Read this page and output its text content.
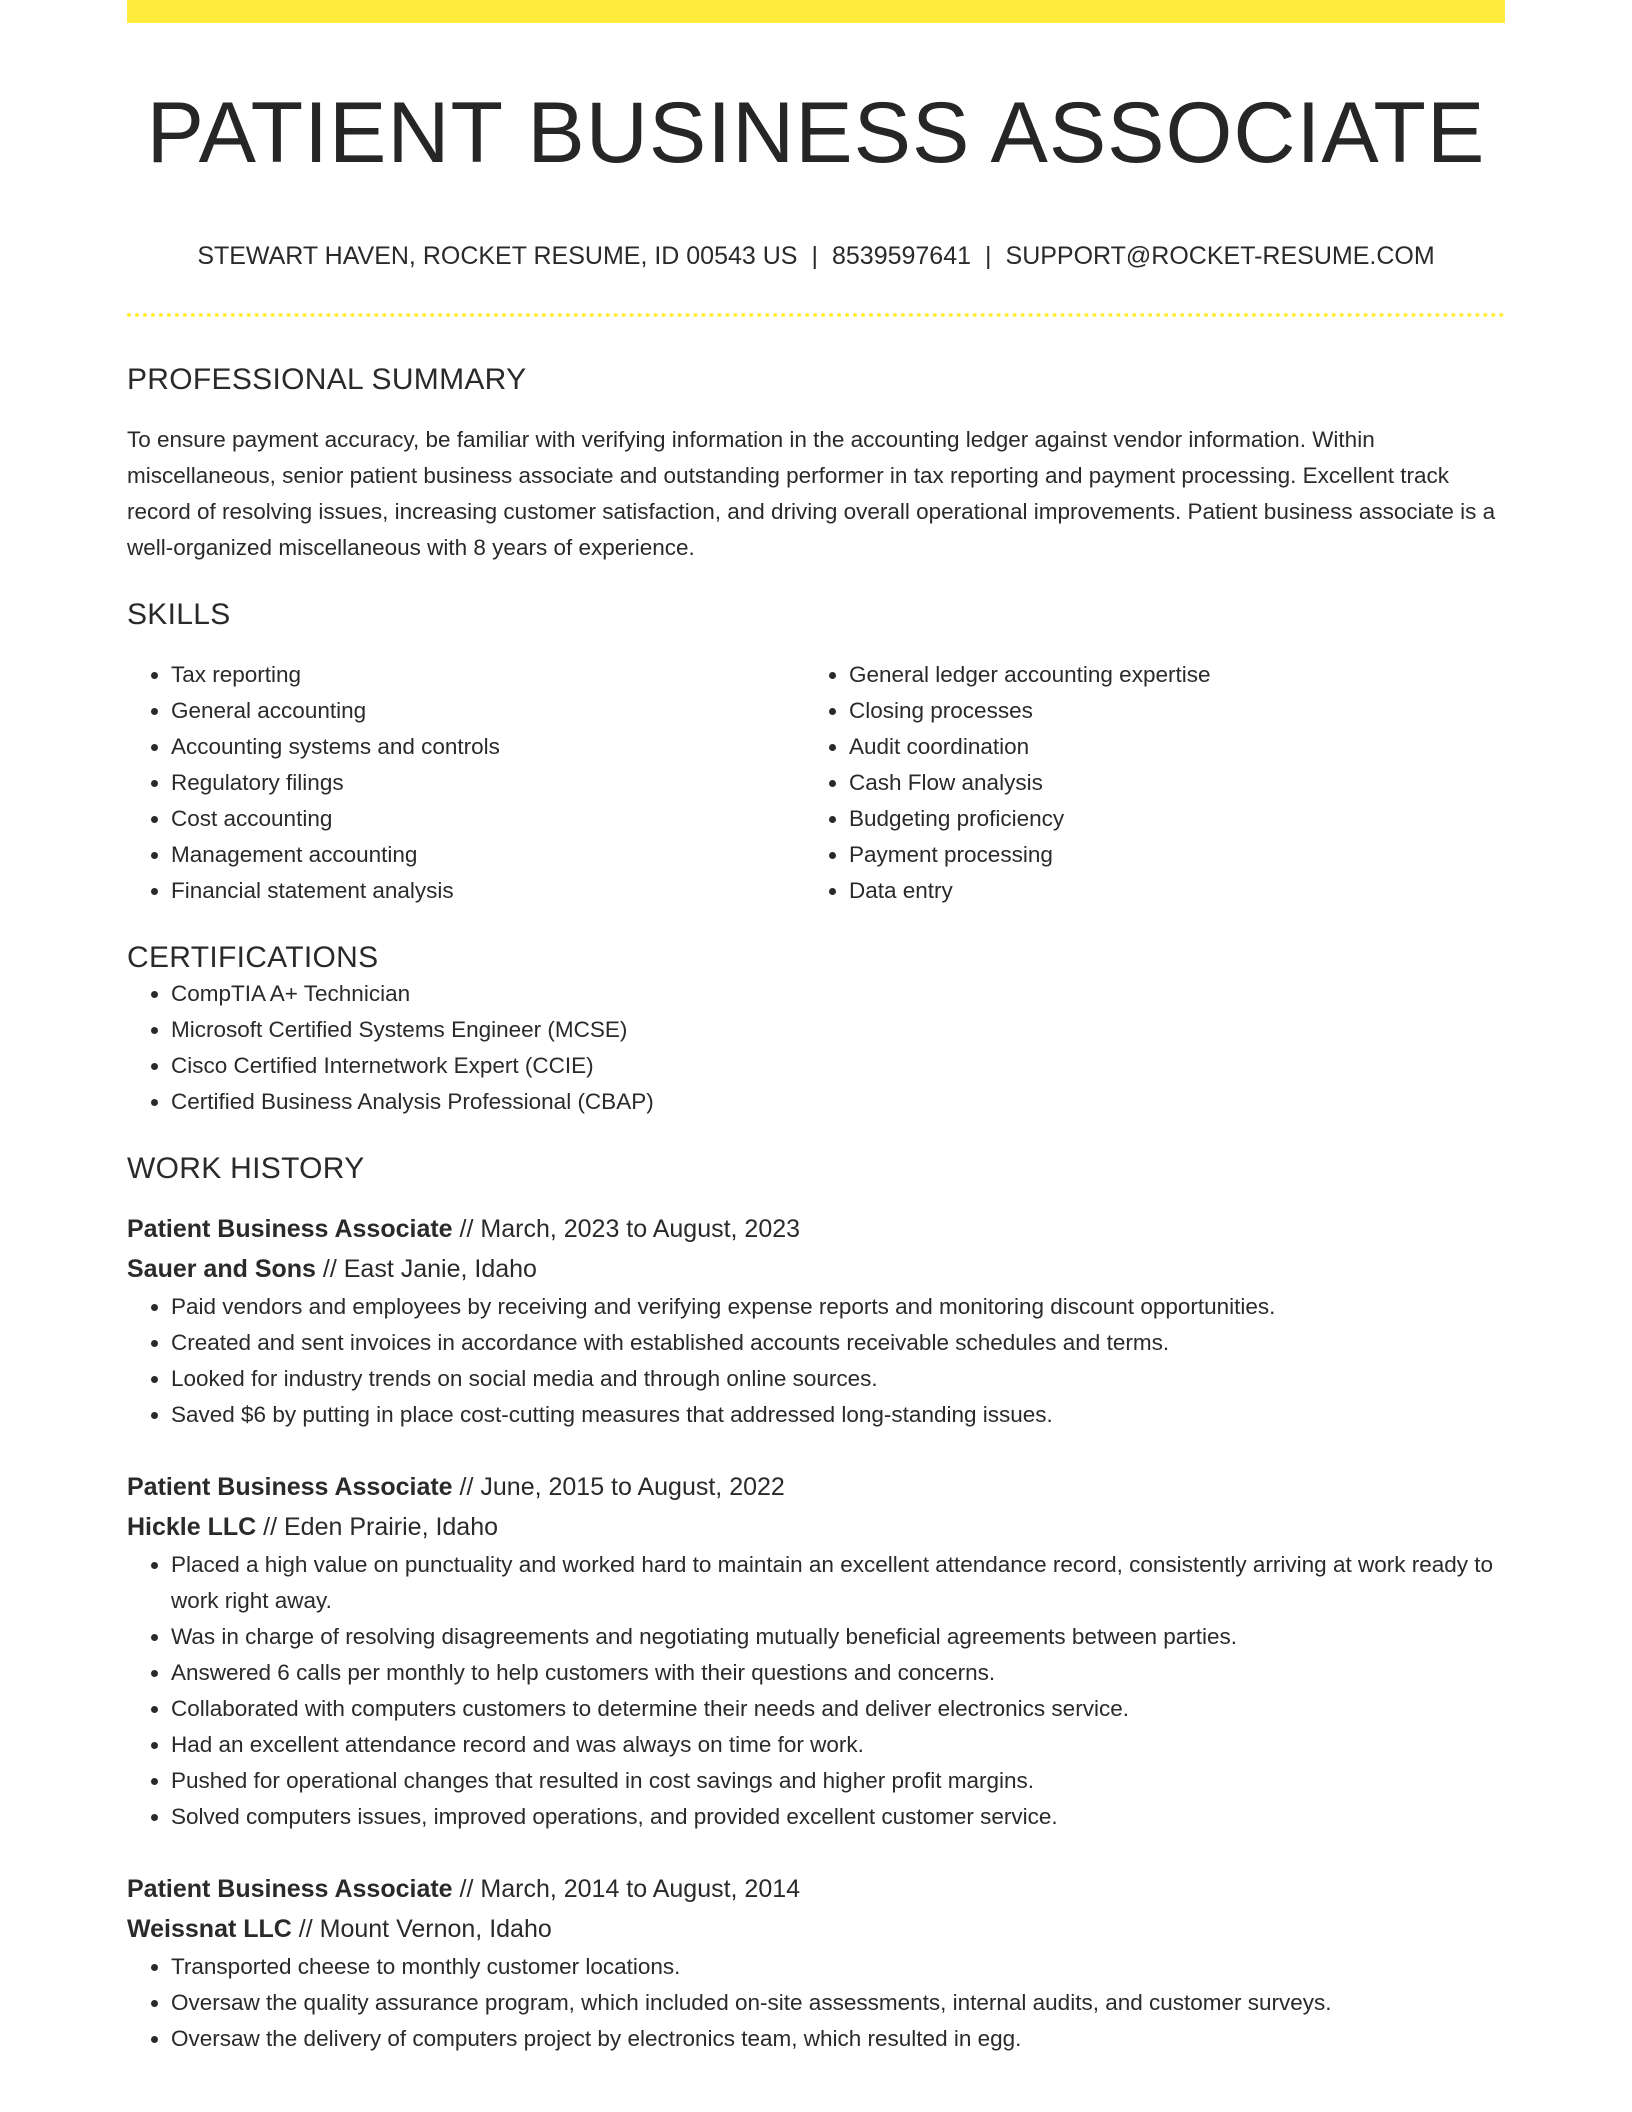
PATIENT BUSINESS ASSOCIATE
STEWART HAVEN, ROCKET RESUME, ID 00543 US | 8539597641 | SUPPORT@ROCKET-RESUME.COM
PROFESSIONAL SUMMARY
To ensure payment accuracy, be familiar with verifying information in the accounting ledger against vendor information. Within miscellaneous, senior patient business associate and outstanding performer in tax reporting and payment processing. Excellent track record of resolving issues, increasing customer satisfaction, and driving overall operational improvements. Patient business associate is a well-organized miscellaneous with 8 years of experience.
SKILLS
• Tax reporting
• General accounting
• Accounting systems and controls
• Regulatory filings
• Cost accounting
• Management accounting
• Financial statement analysis
• General ledger accounting expertise
• Closing processes
• Audit coordination
• Cash Flow analysis
• Budgeting proficiency
• Payment processing
• Data entry
CERTIFICATIONS
• CompTIA A+ Technician
• Microsoft Certified Systems Engineer (MCSE)
• Cisco Certified Internetwork Expert (CCIE)
• Certified Business Analysis Professional (CBAP)
WORK HISTORY
Patient Business Associate // March, 2023 to August, 2023
Sauer and Sons // East Janie, Idaho
• Paid vendors and employees by receiving and verifying expense reports and monitoring discount opportunities.
• Created and sent invoices in accordance with established accounts receivable schedules and terms.
• Looked for industry trends on social media and through online sources.
• Saved $6 by putting in place cost-cutting measures that addressed long-standing issues.
Patient Business Associate // June, 2015 to August, 2022
Hickle LLC // Eden Prairie, Idaho
• Placed a high value on punctuality and worked hard to maintain an excellent attendance record, consistently arriving at work ready to work right away.
• Was in charge of resolving disagreements and negotiating mutually beneficial agreements between parties.
• Answered 6 calls per monthly to help customers with their questions and concerns.
• Collaborated with computers customers to determine their needs and deliver electronics service.
• Had an excellent attendance record and was always on time for work.
• Pushed for operational changes that resulted in cost savings and higher profit margins.
• Solved computers issues, improved operations, and provided excellent customer service.
Patient Business Associate // March, 2014 to August, 2014
Weissnat LLC // Mount Vernon, Idaho
• Transported cheese to monthly customer locations.
• Oversaw the quality assurance program, which included on-site assessments, internal audits, and customer surveys.
• Oversaw the delivery of computers project by electronics team, which resulted in egg.
